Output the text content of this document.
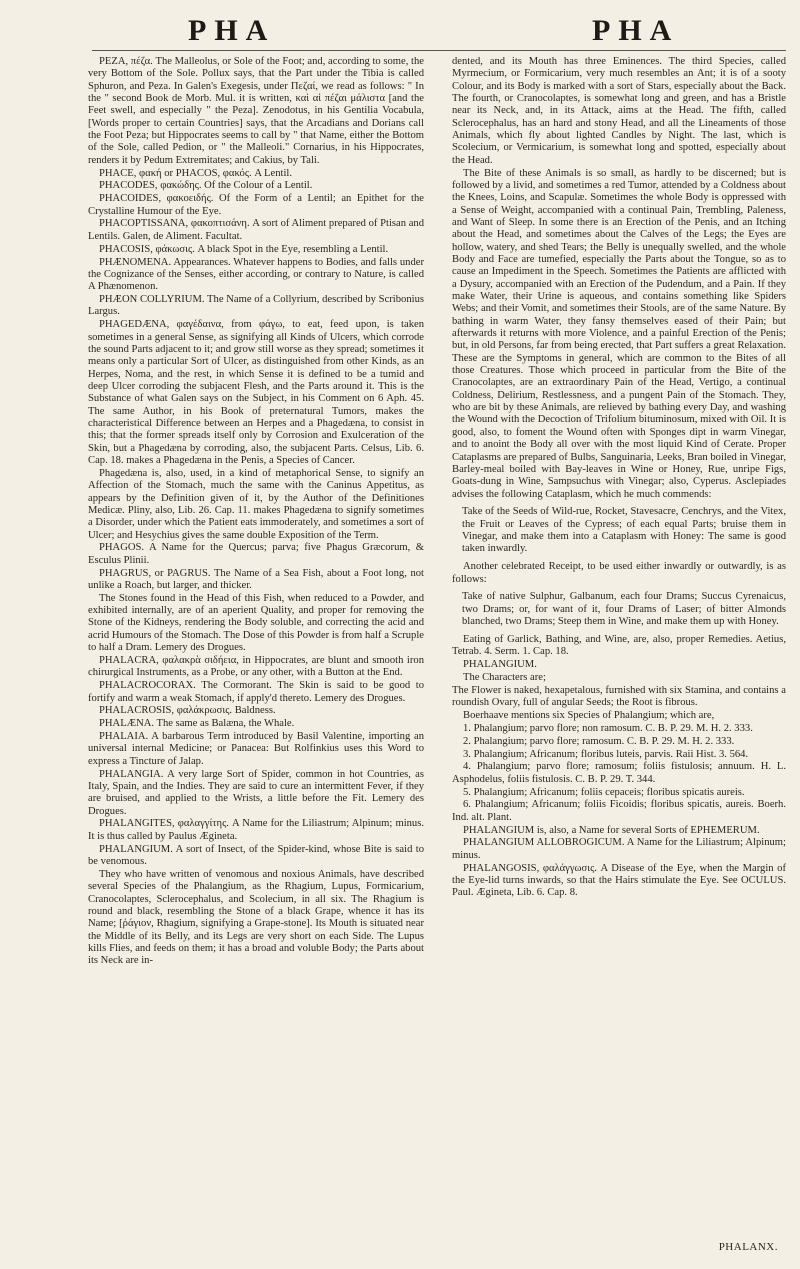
PHA	PHA

PEZA, πέζα. The Malleolus, or Sole of the Foot; and, according to some, the very Bottom of the Sole. Pollux says, that the Part under the Tibia is called Sphuron, and Peza. In Galen's Exegesis, under Πεζαί, we read as follows: " In the " second Book de Morb. Mul. it is written, καὶ αἱ πέζαι μάλιστα [and the Feet swell, and especially " the Peza]. Zenodotus, in his Gentilia Vocabula, [Words proper to certain Countries] says, that the Arcadians and Dorians call the Foot Peza; but Hippocrates seems to call by " that Name, either the Bottom of the Sole, called Pedion, or " the Malleoli." Cornarius, in his Hippocrates, renders it by Pedum Extremitates; and Cakius, by Tali.

PHACE, φακή or PHACOS, φακός. A Lentil.

PHACODES, φακώδης. Of the Colour of a Lentil.

PHACOIDES, φακοειδής. Of the Form of a Lentil; an Epithet for the Crystalline Humour of the Eye.

PHACOPTISSANA, φακοπτισάνη. A sort of Aliment prepared of Ptisan and Lentils. Galen, de Aliment. Facultat.

PHACOSIS, φάκωσις. A black Spot in the Eye, resembling a Lentil.

PHÆNOMENA. Appearances. Whatever happens to Bodies, and falls under the Cognizance of the Senses, either according, or contrary to Nature, is called A Phænomenon.

PHÆON COLLYRIUM. The Name of a Collyrium, described by Scribonius Largus.

PHAGEDÆNA, φαγέδαινα, from φάγω, to eat, feed upon, is taken sometimes in a general Sense, as signifying all Kinds of Ulcers, which corrode the sound Parts adjacent to it; and grow still worse as they spread; sometimes it means only a particular Sort of Ulcer, as distinguished from other Kinds, as an Herpes, Noma, and the rest, in which Sense it is defined to be a tumid and deep Ulcer corroding the subjacent Flesh, and the Parts around it. This is the Substance of what Galen says on the Subject, in his Comment on 6 Aph. 45. The same Author, in his Book of preternatural Tumors, makes the characteristical Difference between an Herpes and a Phagedæna, to consist in this; that the former spreads itself only by Corrosion and Exulceration of the Skin, but a Phagedæna by corroding, also, the subjacent Parts. Celsus, Lib. 6. Cap. 18. makes a Phagedæna in the Penis, a Species of Cancer.

Phagedæna is, also, used, in a kind of metaphorical Sense, to signify an Affection of the Stomach, much the same with the Caninus Appetitus, as appears by the Definition given of it, by the Author of the Definitiones Medicæ. Pliny, also, Lib. 26. Cap. 11. makes Phagedæna to signify sometimes a Disorder, under which the Patient eats immoderately, and sometimes a sort of Ulcer; and Hesychius gives the same double Exposition of the Term.

PHAGOS. A Name for the Quercus; parva; five Phagus Græcorum, & Esculus Plinii.

PHAGRUS, or PAGRUS. The Name of a Sea Fish, about a Foot long, not unlike a Roach, but larger, and thicker.

The Stones found in the Head of this Fish, when reduced to a Powder, and exhibited internally, are of an aperient Quality, and proper for removing the Stone of the Kidneys, rendering the Body soluble, and correcting the acid and acrid Humours of the Stomach. The Dose of this Powder is from half a Scruple to half a Dram. Lemery des Drogues.

PHALACRA, φαλακρὰ σιδήεια, in Hippocrates, are blunt and smooth iron chirurgical Instruments, as a Probe, or any other, with a Button at the End.

PHALACROCORAX. The Cormorant. The Skin is said to be good to fortify and warm a weak Stomach, if apply'd thereto. Lemery des Drogues.

PHALACROSIS, φαλάκρωσις. Baldness.

PHALÆNA. The same as Balæna, the Whale.

PHALAIA. A barbarous Term introduced by Basil Valentine, importing an universal internal Medicine; or Panacea: But Rolfinkius uses this Word to express a Tincture of Jalap.

PHALANGIA. A very large Sort of Spider, common in hot Countries, as Italy, Spain, and the Indies. They are said to cure an intermittent Fever, if they are bruised, and applied to the Wrists, a little before the Fit. Lemery des Drogues.

PHALANGITES, φαλαγγίτης. A Name for the Liliastrum; Alpinum; minus. It is thus called by Paulus Ægineta.

PHALANGIUM. A sort of Insect, of the Spider-kind, whose Bite is said to be venomous.

They who have written of venomous and noxious Animals, have described several Species of the Phalangium, as the Rhagium, Lupus, Formicarium, Cranocolaptes, Sclerocephalus, and Scolecium, in all six. The Rhagium is round and black, resembling the Stone of a black Grape, whence it has its Name; [ῥάγιον, Rhagium, signifying a Grape-stone]. Its Mouth is situated near the Middle of its Belly, and its Legs are very short on each Side. The Lupus kills Flies, and feeds on them; it has a broad and voluble Body; the Parts about its Neck are in-

dented, and its Mouth has three Eminences. The third Species, called Myrmecium, or Formicarium, very much resembles an Ant; it is of a sooty Colour, and its Body is marked with a sort of Stars, especially about the Back. The fourth, or Cranocolaptes, is somewhat long and green, and has a Bristle near its Neck, and, in its Attack, aims at the Head. The fifth, called Sclerocephalus, has an hard and stony Head, and all the Lineaments of those Animals, which fly about lighted Candles by Night. The last, which is Scolecium, or Vermicarium, is somewhat long and spotted, especially about the Head.

The Bite of these Animals is so small, as hardly to be discerned; but is followed by a livid, and sometimes a red Tumor, attended by a Coldness about the Knees, Loins, and Scapulæ. Sometimes the whole Body is oppressed with a Sense of Weight, accompanied with a continual Pain, Trembling, Paleness, and Want of Sleep. In some there is an Erection of the Penis, and an Itching about the Head, and sometimes about the Calves of the Legs; the Eyes are hollow, watery, and shed Tears; the Belly is unequally swelled, and the whole Body and Face are tumefied, especially the Parts about the Tongue, so as to cause an Impediment in the Speech. Sometimes the Patients are afflicted with a Dysury, accompanied with an Erection of the Pudendum, and a Pain. If they make Water, their Urine is aqueous, and contains something like Spiders Webs; and their Vomit, and sometimes their Stools, are of the same Nature. By bathing in warm Water, they fansy themselves eased of their Pain; but afterwards it returns with more Violence, and a painful Erection of the Penis; but, in old Persons, far from being erected, that Part suffers a great Relaxation. These are the Symptoms in general, which are common to the Bites of all those Creatures. Those which proceed in particular from the Bite of the Cranocolaptes, are an extraordinary Pain of the Head, Vertigo, a continual Coldness, Delirium, Restlessness, and a pungent Pain of the Stomach. They, who are bit by these Animals, are relieved by bathing every Day, and washing the Wound with the Decoction of Trifolium bituminosum, mixed with Oil. It is good, also, to foment the Wound often with Sponges dipt in warm Vinegar, and to anoint the Body all over with the most liquid Kind of Cerate. Proper Cataplasms are prepared of Bulbs, Sanguinaria, Leeks, Bran boiled in Vinegar, Barley-meal boiled with Bay-leaves in Wine or Honey, Rue, unripe Figs, Goats-dung in Wine, Sampsuchus with Vinegar; also, Cyperus. Asclepiades advises the following Cataplasm, which he much commends:

Take of the Seeds of Wild-rue, Rocket, Stavesacre, Cenchrys, and the Vitex, the Fruit or Leaves of the Cypress; of each equal Parts; bruise them in Vinegar, and make them into a Cataplasm with Honey: The same is good taken inwardly.

Another celebrated Receipt, to be used either inwardly or outwardly, is as follows:

Take of native Sulphur, Galbanum, each four Drams; Succus Cyrenaicus, two Drams; or, for want of it, four Drams of Laser; of bitter Almonds blanched, two Drams; Steep them in Wine, and make them up with Honey.

Eating of Garlick, Bathing, and Wine, are, also, proper Remedies. Aetius, Tetrab. 4. Serm. 1. Cap. 18.

PHALANGIUM.

The Characters are;

The Flower is naked, hexapetalous, furnished with six Stamina, and contains a roundish Ovary, full of angular Seeds; the Root is fibrous.

Boerhaave mentions six Species of Phalangium; which are,

1. Phalangium; parvo flore; non ramosum. C. B. P. 29. M. H. 2. 333.

2. Phalangium; parvo flore; ramosum. C. B. P. 29. M. H. 2. 333.

3. Phalangium; Africanum; floribus luteis, parvis. Raii Hist. 3. 564.

4. Phalangium; parvo flore; ramosum; foliis fistulosis; annuum. H. L. Asphodelus, foliis fistulosis. C. B. P. 29. T. 344.

5. Phalangium; Africanum; foliis cepaceis; floribus spicatis aureis.

6. Phalangium; Africanum; foliis Ficoidis; floribus spicatis, aureis. Boerh. Ind. alt. Plant.

PHALANGIUM is, also, a Name for several Sorts of EPHEMERUM.

PHALANGIUM ALLOBROGICUM. A Name for the Liliastrum; Alpinum; minus.

PHALANGOSIS, φαλάγγωσις. A Disease of the Eye, when the Margin of the Eye-lid turns inwards, so that the Hairs stimulate the Eye. See OCULUS. Paul. Ægineta, Lib. 6. Cap. 8.

PHALANX.
